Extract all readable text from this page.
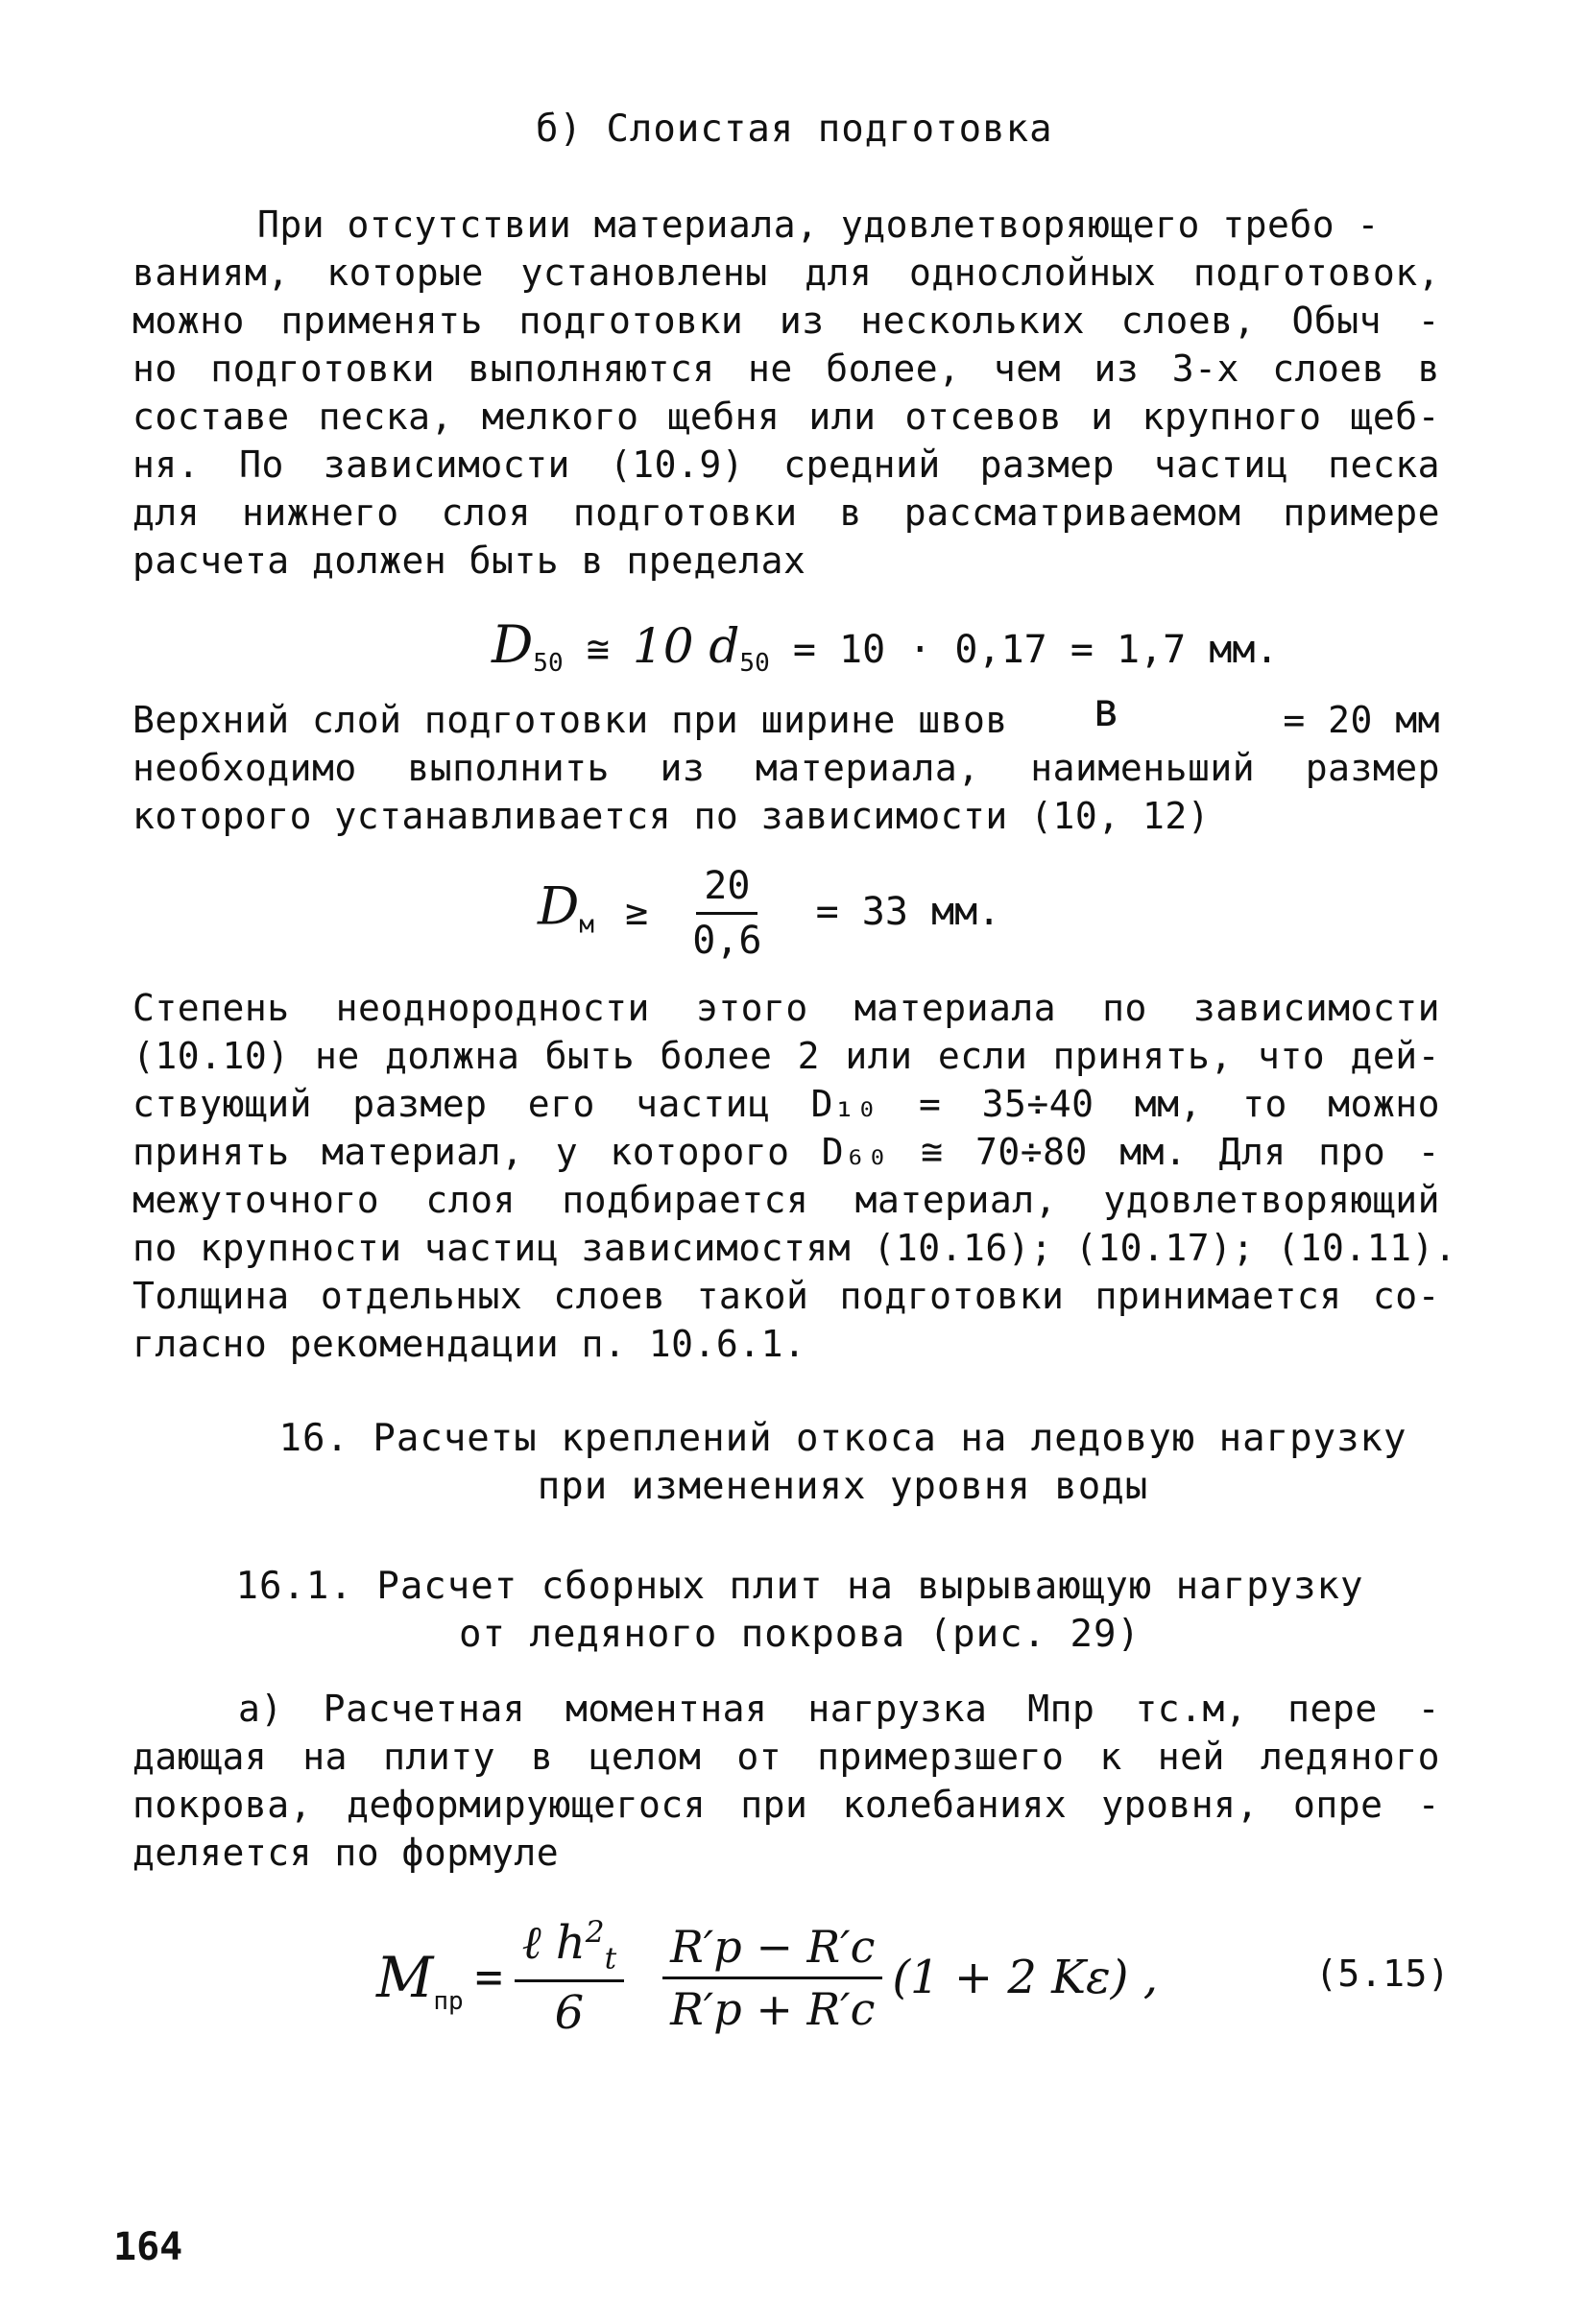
б) Слоистая подготовка
При отсутствии материала, удовлетворяющего требо -
ваниям, которые установлены для однослойных подготовок,
можно применять подготовки из нескольких слоев, Обыч -
но подготовки выполняются не более, чем из 3-х слоев в
составе песка, мелкого щебня или отсевов и крупного щеб-
ня. По зависимости (10.9) средний размер частиц песка
для нижнего слоя подготовки в рассматриваемом примере
расчета должен быть в пределах
$D_{50}$ ≅ 10 $d_{50} = 10 \cdot 0,17 = 1,7$ мм.
Верхний слой подготовки при ширине швов в	= 20 мм
необходимо выполнить из материала, наименьший размер
которого устанавливается по зависимости (10, 12)
$D_м \ge \frac{20}{0,6} = 33$ мм.
Степень неоднородности этого материала по зависимости
(10.10) не должна быть более 2 или если принять, что дей-
ствующий размер его частиц D₁₀ = 35÷40 мм, то можно
принять материал, у которого D₆₀ ≅ 70÷80 мм. Для про -
межуточного слоя подбирается материал, удовлетворяющий
по крупности частиц зависимостям (10.16); (10.17); (10.11).
Толщина отдельных слоев такой подготовки принимается со-
гласно рекомендации п. 10.6.1.
16. Расчеты креплений откоса на ледовую нагрузку
при изменениях уровня воды
16.1. Расчет сборных плит на вырывающую нагрузку
от ледяного покрова (рис. 29)
а) Расчетная моментная нагрузка Mпр тс.м, пере -
дающая на плиту в целом от примерзшего к ней ледяного
покрова, деформирующегося при колебаниях уровня, опре -
деляется по формуле
$M_{пр} = \frac{\ell h^2_t}{6} \frac{R'p - R'c}{R'p + R'c} (1 + 2$ Kε) ,	(5.15)
164
